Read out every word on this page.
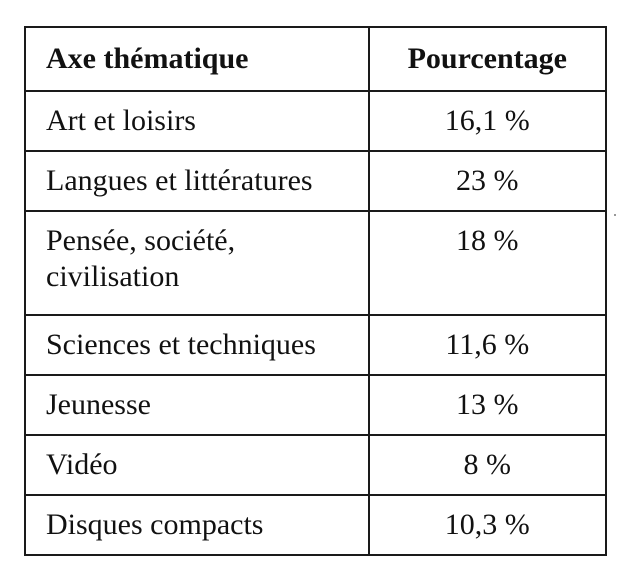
Axe thématique	Pourcentage
Art et loisirs	16,1 %
Langues et littératures	23 %
Pensée, société, civilisation	18 %
Sciences et techniques	11,6 %
Jeunesse	13 %
Vidéo	8 %
Disques compacts	10,3 %
